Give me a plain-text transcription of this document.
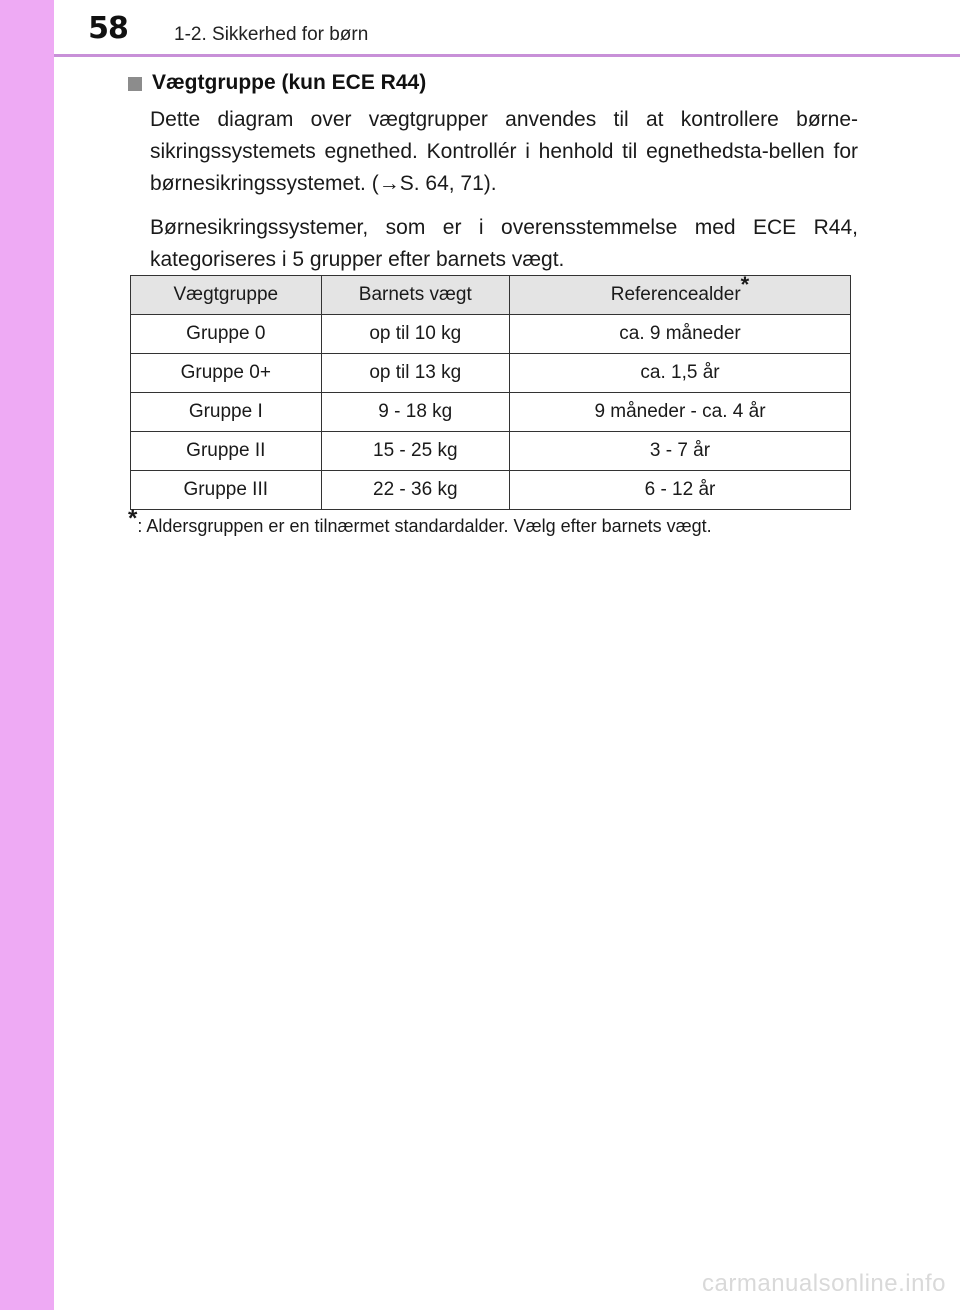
58	1-2. Sikkerhed for børn
Vægtgruppe (kun ECE R44)
Dette diagram over vægtgrupper anvendes til at kontrollere børne-sikringssystemets egnethed. Kontrollér i henhold til egnethedsta-bellen for børnesikringssystemet. (→S. 64, 71).
Børnesikringssystemer, som er i overensstemmelse med ECE R44, kategoriseres i 5 grupper efter barnets vægt.
Vægtgruppe	Barnets vægt	Referencealder*
Gruppe 0	op til 10 kg	ca. 9 måneder
Gruppe 0+	op til 13 kg	ca. 1,5 år
Gruppe I	9 - 18 kg	9 måneder - ca. 4 år
Gruppe II	15 - 25 kg	3 - 7 år
Gruppe III	22 - 36 kg	6 - 12 år
*: Aldersgruppen er en tilnærmet standardalder. Vælg efter barnets vægt.
carmanualsonline.info
